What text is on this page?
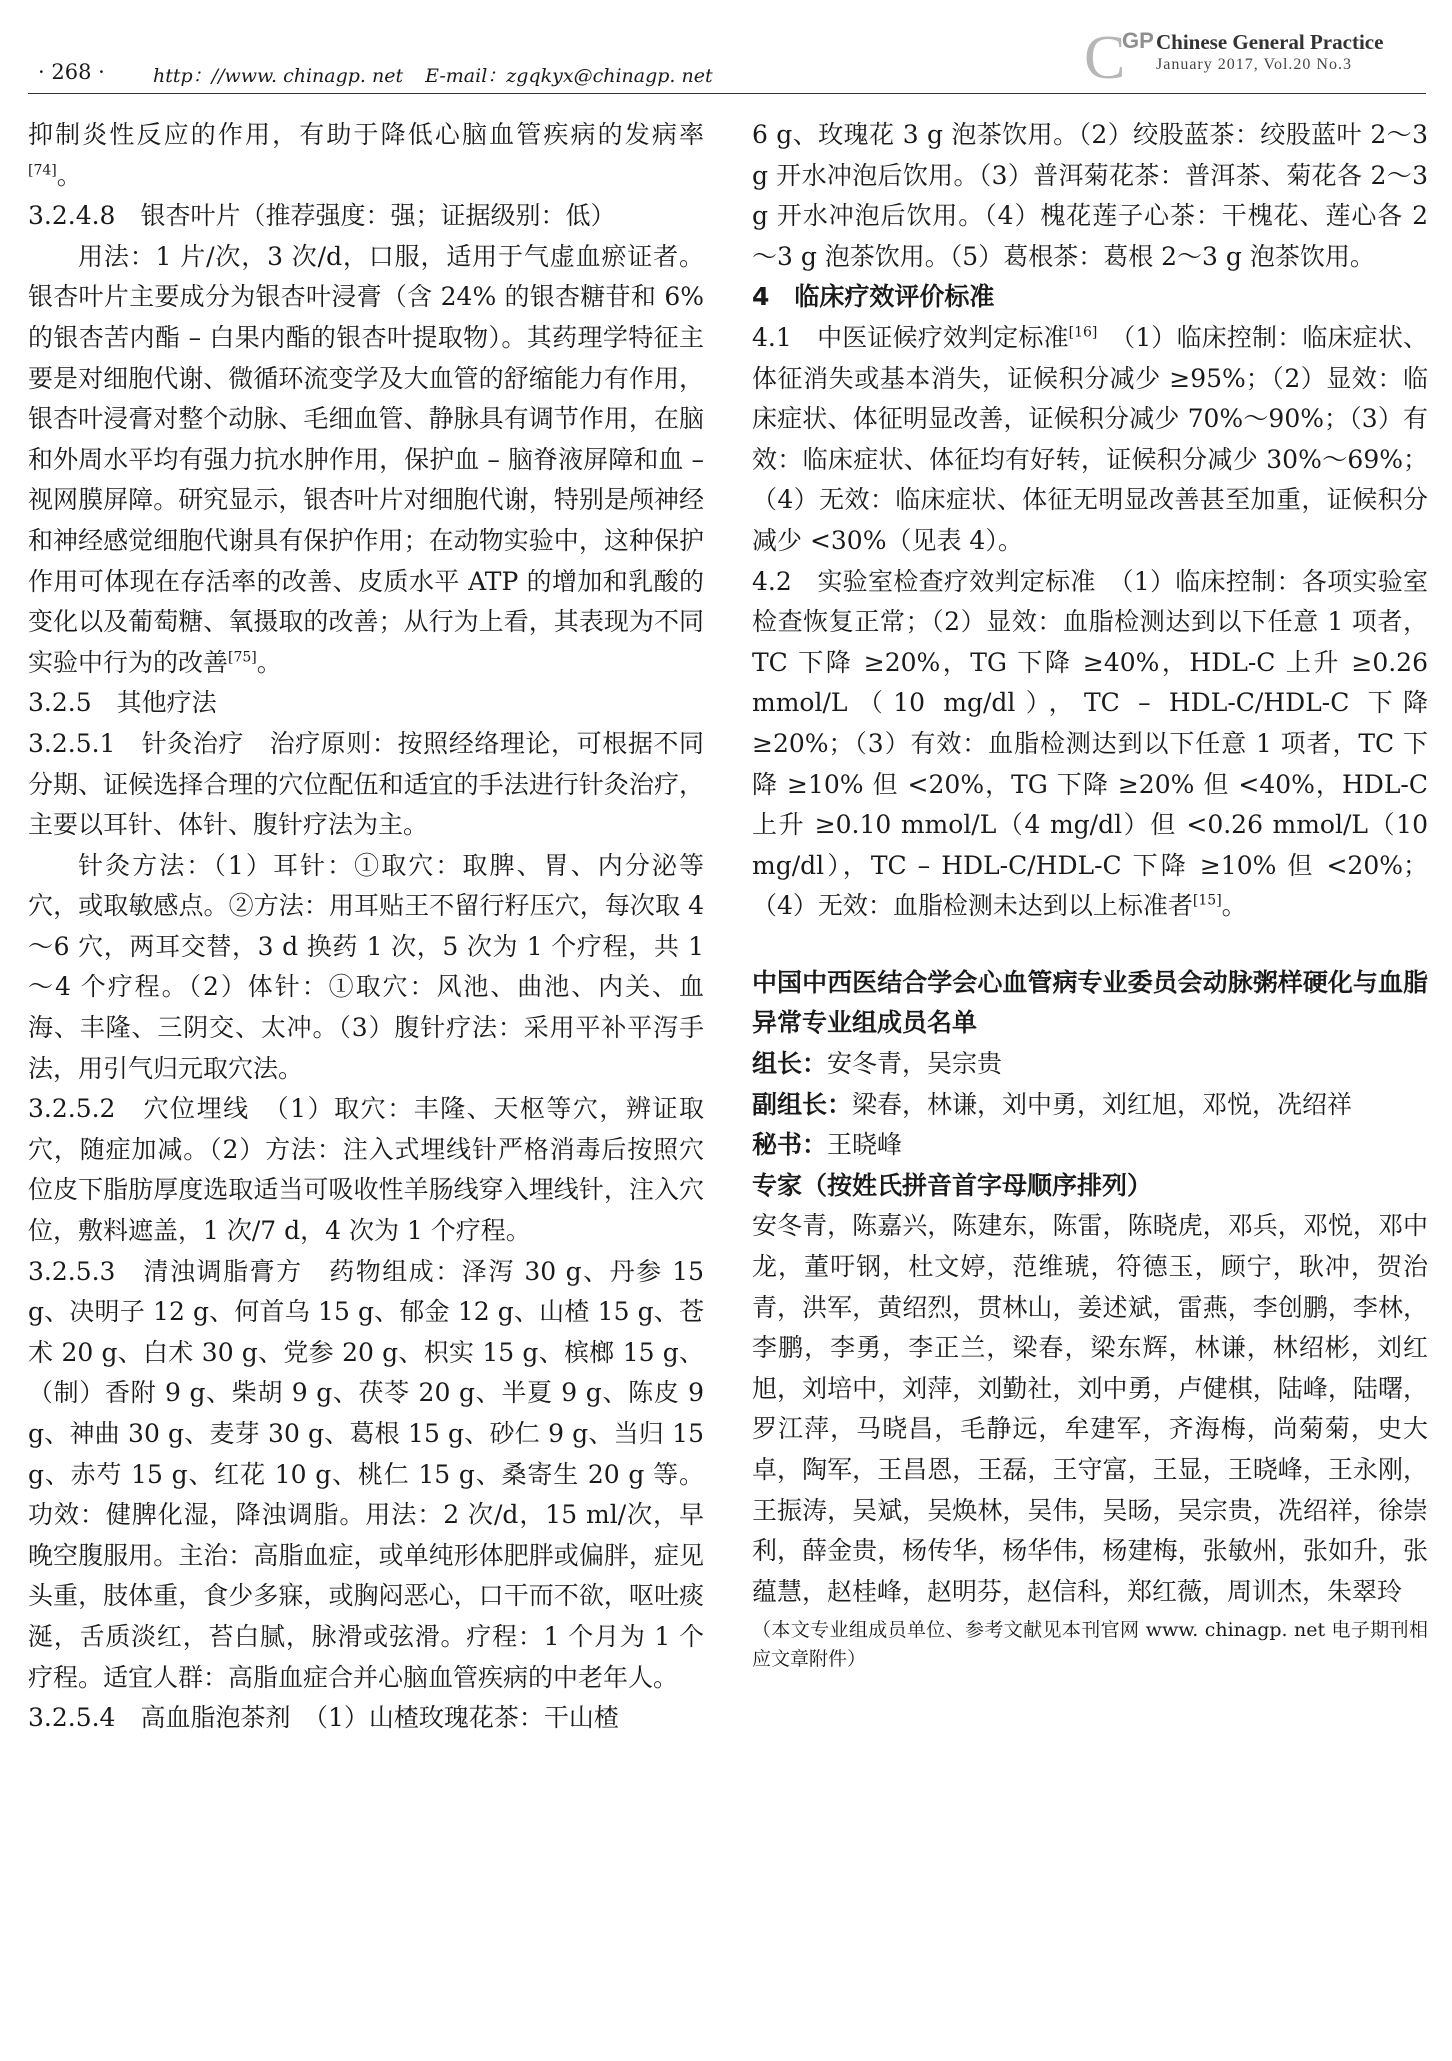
· 268 ·	http：//www. chinagp. net E-mail：zgqkyx@chinagp. net	C
GP Chinese General Practice
January 2017, Vol.20 No.3

抑制炎性反应的作用，有助于降低心脑血管疾病的发病率[74]。

3.2.4.8　银杏叶片（推荐强度：强；证据级别：低）

用法：1 片/次，3 次/d，口服，适用于气虚血瘀证者。银杏叶片主要成分为银杏叶浸膏（含 24% 的银杏糖苷和 6% 的银杏苦内酯 – 白果内酯的银杏叶提取物）。其药理学特征主要是对细胞代谢、微循环流变学及大血管的舒缩能力有作用，银杏叶浸膏对整个动脉、毛细血管、静脉具有调节作用，在脑和外周水平均有强力抗水肿作用，保护血 – 脑脊液屏障和血 – 视网膜屏障。研究显示，银杏叶片对细胞代谢，特别是颅神经和神经感觉细胞代谢具有保护作用；在动物实验中，这种保护作用可体现在存活率的改善、皮质水平 ATP 的增加和乳酸的变化以及葡萄糖、氧摄取的改善；从行为上看，其表现为不同实验中行为的改善[75]。

3.2.5　其他疗法

3.2.5.1　针灸治疗　治疗原则：按照经络理论，可根据不同分期、证候选择合理的穴位配伍和适宜的手法进行针灸治疗，主要以耳针、体针、腹针疗法为主。

针灸方法：（1）耳针：①取穴：取脾、胃、内分泌等穴，或取敏感点。②方法：用耳贴王不留行籽压穴，每次取 4～6 穴，两耳交替，3 d 换药 1 次，5 次为 1 个疗程，共 1～4 个疗程。（2）体针：①取穴：风池、曲池、内关、血海、丰隆、三阴交、太冲。（3）腹针疗法：采用平补平泻手法，用引气归元取穴法。

3.2.5.2　穴位埋线　（1）取穴：丰隆、天枢等穴，辨证取穴，随症加减。（2）方法：注入式埋线针严格消毒后按照穴位皮下脂肪厚度选取适当可吸收性羊肠线穿入埋线针，注入穴位，敷料遮盖，1 次/7 d，4 次为 1 个疗程。

3.2.5.3　清浊调脂膏方　药物组成：泽泻 30 g、丹参 15 g、决明子 12 g、何首乌 15 g、郁金 12 g、山楂 15 g、苍术 20 g、白术 30 g、党参 20 g、枳实 15 g、槟榔 15 g、（制）香附 9 g、柴胡 9 g、茯苓 20 g、半夏 9 g、陈皮 9 g、神曲 30 g、麦芽 30 g、葛根 15 g、砂仁 9 g、当归 15 g、赤芍 15 g、红花 10 g、桃仁 15 g、桑寄生 20 g 等。功效：健脾化湿，降浊调脂。用法：2 次/d，15 ml/次，早晚空腹服用。主治：高脂血症，或单纯形体肥胖或偏胖，症见头重，肢体重，食少多寐，或胸闷恶心，口干而不欲，呕吐痰涎，舌质淡红，苔白腻，脉滑或弦滑。疗程：1 个月为 1 个疗程。适宜人群：高脂血症合并心脑血管疾病的中老年人。

3.2.5.4　高血脂泡茶剂　（1）山楂玫瑰花茶：干山楂

6 g、玫瑰花 3 g 泡茶饮用。（2）绞股蓝茶：绞股蓝叶 2～3 g 开水冲泡后饮用。（3）普洱菊花茶：普洱茶、菊花各 2～3 g 开水冲泡后饮用。（4）槐花莲子心茶：干槐花、莲心各 2～3 g 泡茶饮用。（5）葛根茶：葛根 2～3 g 泡茶饮用。

4　临床疗效评价标准

4.1　中医证候疗效判定标准[16]　（1）临床控制：临床症状、体征消失或基本消失，证候积分减少 ≥95%；（2）显效：临床症状、体征明显改善，证候积分减少 70%～90%；（3）有效：临床症状、体征均有好转，证候积分减少 30%～69%；（4）无效：临床症状、体征无明显改善甚至加重，证候积分减少 <30%（见表 4）。

4.2　实验室检查疗效判定标准　（1）临床控制：各项实验室检查恢复正常；（2）显效：血脂检测达到以下任意 1 项者，TC 下降 ≥20%，TG 下降 ≥40%，HDL-C 上升 ≥0.26 mmol/L（10 mg/dl），TC – HDL-C/HDL-C 下降 ≥20%；（3）有效：血脂检测达到以下任意 1 项者，TC 下降 ≥10% 但 <20%，TG 下降 ≥20% 但 <40%，HDL-C 上升 ≥0.10 mmol/L（4 mg/dl）但 <0.26 mmol/L（10 mg/dl），TC – HDL-C/HDL-C 下降 ≥10% 但 <20%；（4）无效：血脂检测未达到以上标准者[15]。

中国中西医结合学会心血管病专业委员会动脉粥样硬化与血脂异常专业组成员名单

组长：安冬青，吴宗贵

副组长：梁春，林谦，刘中勇，刘红旭，邓悦，冼绍祥

秘书：王晓峰

专家（按姓氏拼音首字母顺序排列）

安冬青，陈嘉兴，陈建东，陈雷，陈晓虎，邓兵，邓悦，邓中龙，董吁钢，杜文婷，范维琥，符德玉，顾宁，耿冲，贺治青，洪军，黄绍烈，贯林山，姜述斌，雷燕，李创鹏，李林，李鹏，李勇，李正兰，梁春，梁东辉，林谦，林绍彬，刘红旭，刘培中，刘萍，刘勤社，刘中勇，卢健棋，陆峰，陆曙，罗江萍，马晓昌，毛静远，牟建军，齐海梅，尚菊菊，史大卓，陶军，王昌恩，王磊，王守富，王显，王晓峰，王永刚，王振涛，吴斌，吴焕林，吴伟，吴旸，吴宗贵，冼绍祥，徐崇利，薛金贵，杨传华，杨华伟，杨建梅，张敏州，张如升，张蕴慧，赵桂峰，赵明芬，赵信科，郑红薇，周训杰，朱翠玲

（本文专业组成员单位、参考文献见本刊官网 www. chinagp. net 电子期刊相应文章附件）
